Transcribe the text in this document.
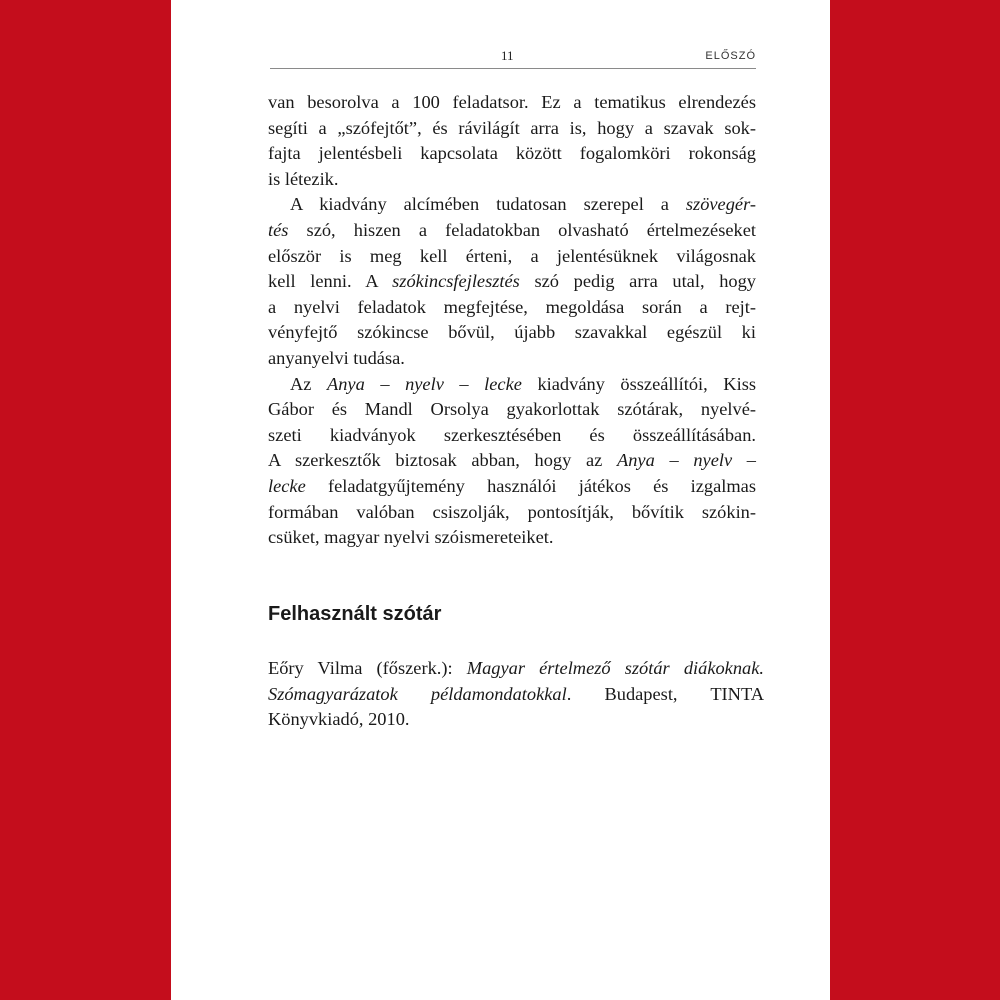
11	ELŐSZÓ

van besorolva a 100 feladatsor. Ez a tematikus elrendezés
segíti a „szófejtőt”, és rávilágít arra is, hogy a szavak sok-
fajta jelentésbeli kapcsolata között fogalomköri rokonság
is létezik.

A kiadvány alcímében tudatosan szerepel a szövegér-
tés szó, hiszen a feladatokban olvasható értelmezéseket
először is meg kell érteni, a jelentésüknek világosnak
kell lenni. A szókincsfejlesztés szó pedig arra utal, hogy
a nyelvi feladatok megfejtése, megoldása során a rejt-
vényfejtő szókincse bővül, újabb szavakkal egészül ki
anyanyelvi tudása.

Az Anya – nyelv – lecke kiadvány összeállítói, Kiss
Gábor és Mandl Orsolya gyakorlottak szótárak, nyelvé-
szeti kiadványok szerkesztésében és összeállításában.
A szerkesztők biztosak abban, hogy az Anya – nyelv –
lecke feladatgyűjtemény használói játékos és izgalmas
formában valóban csiszolják, pontosítják, bővítik szókin-
csüket, magyar nyelvi szóismereteiket.

Felhasznált szótár
Eőry Vilma (főszerk.): Magyar értelmező szótár diákoknak.
Szómagyarázatok példamondatokkal. Budapest, TINTA
Könyvkiadó, 2010.
